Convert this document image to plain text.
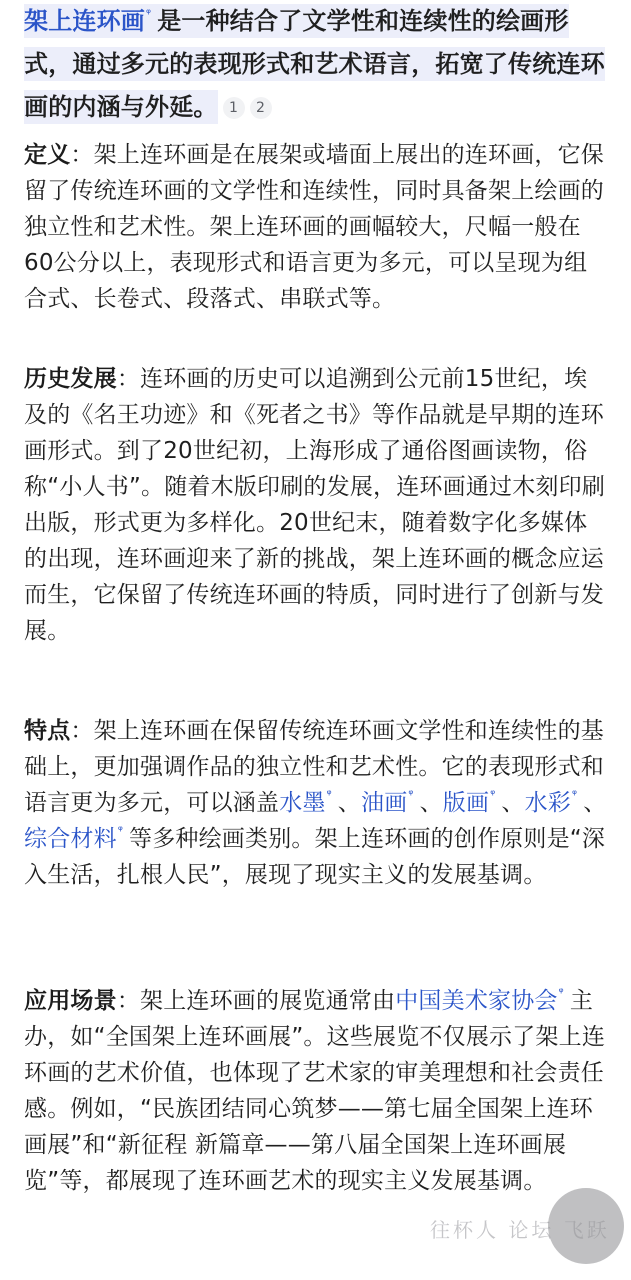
架上连环画ᵠ 是一种结合了文学性和连续性的绘画形式，通过多元的表现形式和艺术语言，拓宽了传统连环画的内涵与外延。 1 2

定义：架上连环画是在展架或墙面上展出的连环画，它保留了传统连环画的文学性和连续性，同时具备架上绘画的独立性和艺术性。架上连环画的画幅较大，尺幅一般在60公分以上，表现形式和语言更为多元，可以呈现为组合式、长卷式、段落式、串联式等。

历史发展：连环画的历史可以追溯到公元前15世纪，埃及的《名王功迹》和《死者之书》等作品就是早期的连环画形式。到了20世纪初，上海形成了通俗图画读物，俗称“小人书”。随着木版印刷的发展，连环画通过木刻印刷出版，形式更为多样化。20世纪末，随着数字化多媒体的出现，连环画迎来了新的挑战，架上连环画的概念应运而生，它保留了传统连环画的特质，同时进行了创新与发展。

特点：架上连环画在保留传统连环画文学性和连续性的基础上，更加强调作品的独立性和艺术性。它的表现形式和语言更为多元，可以涵盖水墨ᵠ 、油画ᵠ 、版画ᵠ 、水彩ᵠ 、综合材料ᵠ 等多种绘画类别。架上连环画的创作原则是“深入生活，扎根人民”，展现了现实主义的发展基调。

应用场景：架上连环画的展览通常由中国美术家协会ᵠ 主办，如“全国架上连环画展”。这些展览不仅展示了架上连环画的艺术价值，也体现了艺术家的审美理想和社会责任感。例如，“民族团结同心筑梦——第七届全国架上连环画展”和“新征程 新篇章——第八届全国架上连环画展览”等，都展现了连环画艺术的现实主义发展基调。

往杯人 论坛 飞跃
